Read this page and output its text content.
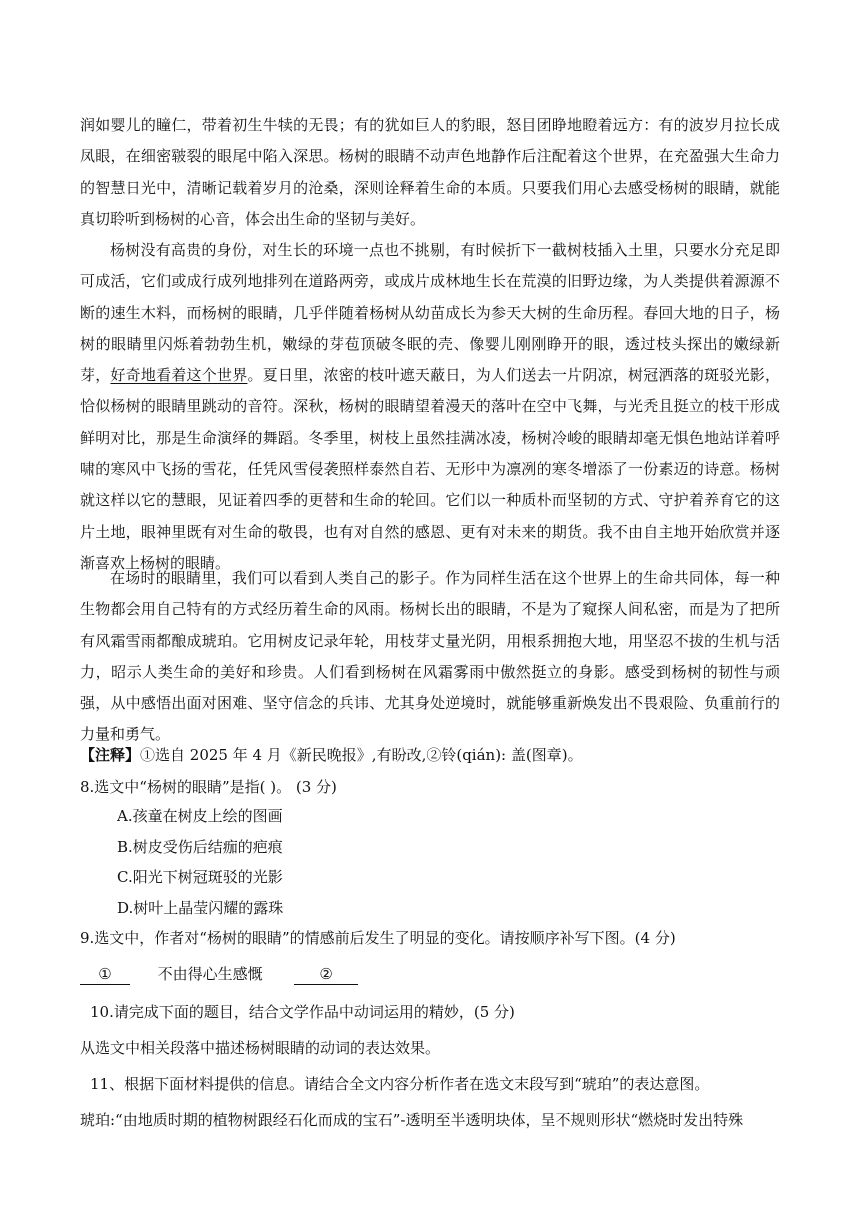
润如婴儿的瞳仁，带着初生牛犊的无畏；有的犹如巨人的豹眼，怒目团睁地瞪着远方：有的波岁月拉长成凤眼，在细密皲裂的眼尾中陷入深思。杨树的眼睛不动声色地静作后注配着这个世界，在充盈强大生命力的智慧日光中，清晰记载着岁月的沧桑，深则诠释着生命的本质。只要我们用心去感受杨树的眼睛，就能真切聆听到杨树的心音，体会出生命的坚韧与美好。

杨树没有高贵的身份，对生长的环境一点也不挑剔，有时候折下一截树枝插入土里，只要水分充足即可成活，它们或成行成列地排列在道路两旁，或成片成林地生长在荒漠的旧野边缘，为人类提供着源源不断的速生木料，而杨树的眼睛，几乎伴随着杨树从幼苗成长为参天大树的生命历程。春回大地的日子，杨树的眼睛里闪烁着勃勃生机，嫩绿的芽苞顶破冬眠的壳、像婴儿刚刚睁开的眼，透过枝头探出的嫩绿新芽，好奇地看着这个世界。夏日里，浓密的枝叶遮天蔽日，为人们送去一片阴凉，树冠洒落的斑驳光影，恰似杨树的眼睛里跳动的音符。深秋，杨树的眼睛望着漫天的落叶在空中飞舞，与光秃且挺立的枝干形成鲜明对比，那是生命演绎的舞蹈。冬季里，树枝上虽然挂满冰凌，杨树冷峻的眼睛却毫无惧色地站详着呼啸的寒风中飞扬的雪花，任凭风雪侵袭照样泰然自若、无形中为凛冽的寒冬增添了一份素迈的诗意。杨树就这样以它的慧眼，见证着四季的更替和生命的轮回。它们以一种质朴而坚韧的方式、守护着养育它的这片土地，眼神里既有对生命的敬畏，也有对自然的感恩、更有对未来的期货。我不由自主地开始欣赏并逐渐喜欢上杨树的眼睛。

在场时的眼睛里，我们可以看到人类自己的影子。作为同样生活在这个世界上的生命共同体，每一种生物都会用自己特有的方式经历着生命的风雨。杨树长出的眼睛，不是为了窥探人间私密，而是为了把所有风霜雪雨都酿成琥珀。它用树皮记录年轮，用枝芽丈量光阴，用根系拥抱大地，用坚忍不拔的生机与活力，昭示人类生命的美好和珍贵。人们看到杨树在风霜雾雨中傲然挺立的身影。感受到杨树的韧性与顽强，从中感悟出面对困难、坚守信念的兵讳、尤其身处逆境时，就能够重新焕发出不畏艰险、负重前行的力量和勇气。

【注释】①选自 2025 年 4 月《新民晚报》,有盼改,②铃(qián): 盖(图章)。
8.选文中“杨树的眼睛”是指( )。 (3 分)
A.孩童在树皮上绘的图画
B.树皮受伤后结痂的疤痕
C.阳光下树冠斑驳的光影
D.树叶上晶莹闪耀的露珠
9.选文中，作者对“杨树的眼睛”的情感前后发生了明显的变化。请按顺序补写下图。(4 分)
①	不由得心生感慨	②
10.请完成下面的题目，结合文学作品中动词运用的精妙，(5 分)
从选文中相关段落中描述杨树眼睛的动词的表达效果。
11、根据下面材料提供的信息。请结合全文内容分析作者在选文末段写到“琥珀”的表达意图。
琥珀:“由地质时期的植物树跟经石化而成的宝石”-透明至半透明块体，呈不规则形状“燃烧时发出特殊
